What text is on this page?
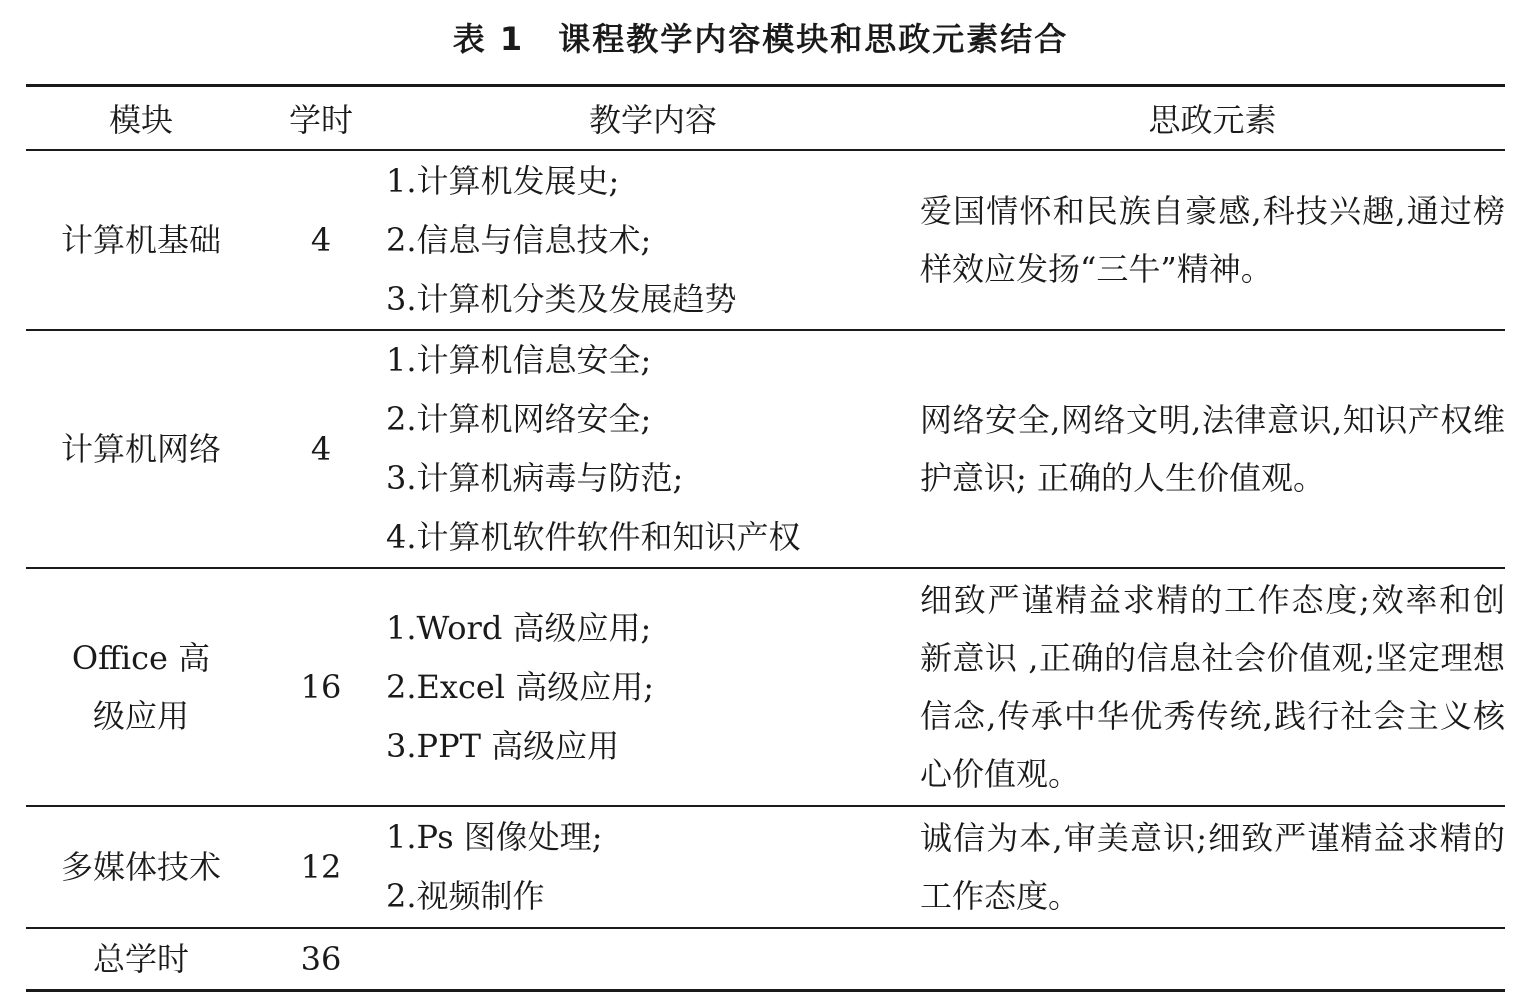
表 1　课程教学内容模块和思政元素结合
模块	学时	教学内容	思政元素
计算机基础	4	1.计算机发展史;
2.信息与信息技术;
3.计算机分类及发展趋势	爱国情怀和民族自豪感,科技兴趣,通过榜样效应发扬“三牛”精神。
计算机网络	4	1.计算机信息安全;
2.计算机网络安全;
3.计算机病毒与防范;
4.计算机软件软件和知识产权	网络安全,网络文明,法律意识,知识产权维护意识; 正确的人生价值观。
Office 高级应用	16	1.Word 高级应用;
2.Excel 高级应用;
3.PPT 高级应用	细致严谨精益求精的工作态度;效率和创新意识 ,正确的信息社会价值观;坚定理想信念,传承中华优秀传统,践行社会主义核心价值观。
多媒体技术	12	1.Ps 图像处理;
2.视频制作	诚信为本,审美意识;细致严谨精益求精的工作态度。
总学时	36		
